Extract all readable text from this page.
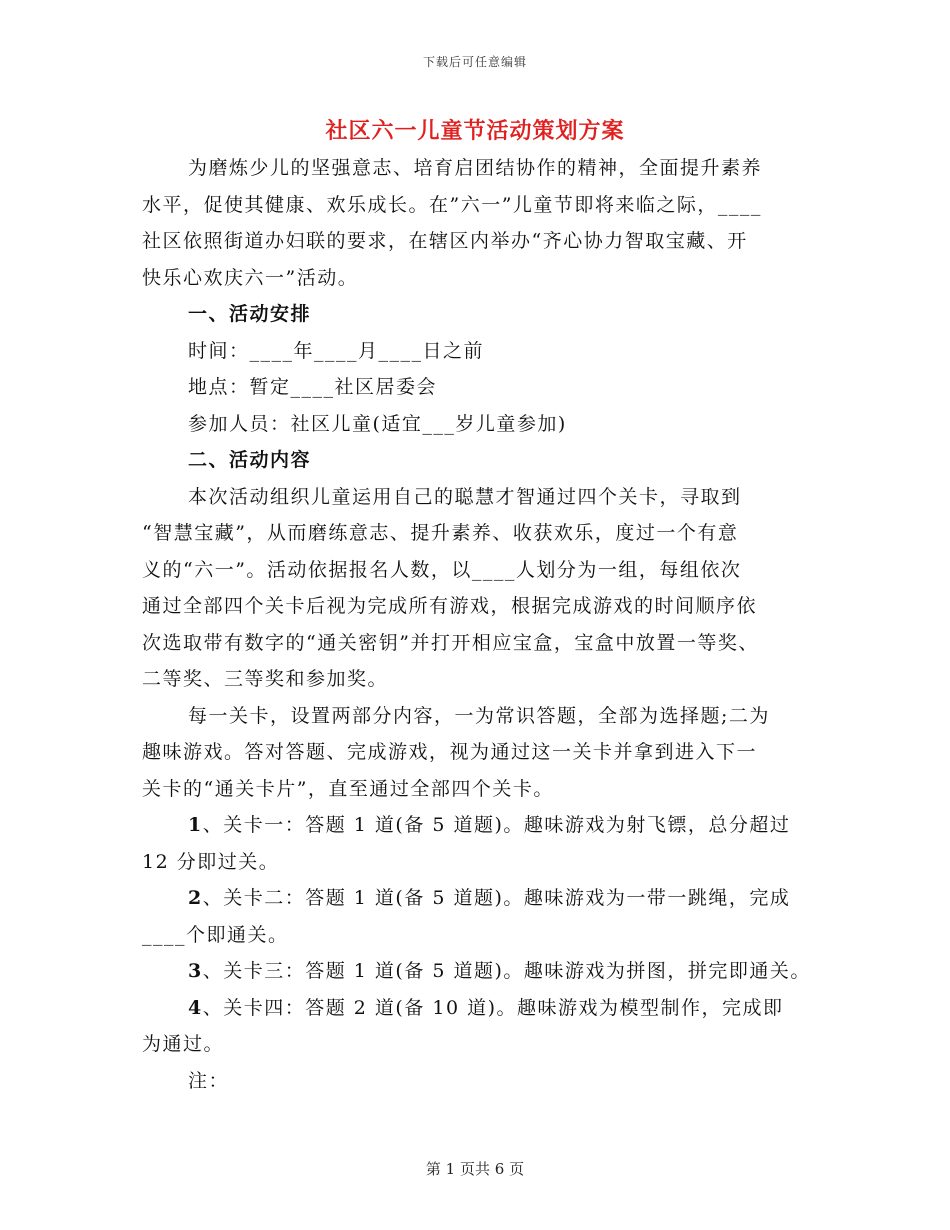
下载后可任意编辑
社区六一儿童节活动策划方案

为磨炼少儿的坚强意志、培育启团结协作的精神，全面提升素养
水平，促使其健康、欢乐成长。在”六一”儿童节即将来临之际，____
社区依照街道办妇联的要求，在辖区内举办“齐心协力智取宝藏、开
快乐心欢庆六一”活动。

一、活动安排

时间：____年____月____日之前

地点：暂定____社区居委会

参加人员：社区儿童(适宜___岁儿童参加)

二、活动内容

本次活动组织儿童运用自己的聪慧才智通过四个关卡，寻取到
“智慧宝藏”，从而磨练意志、提升素养、收获欢乐，度过一个有意
义的“六一”。活动依据报名人数，以____人划分为一组，每组依次
通过全部四个关卡后视为完成所有游戏，根据完成游戏的时间顺序依
次选取带有数字的“通关密钥”并打开相应宝盒，宝盒中放置一等奖、
二等奖、三等奖和参加奖。

每一关卡，设置两部分内容，一为常识答题，全部为选择题;二为
趣味游戏。答对答题、完成游戏，视为通过这一关卡并拿到进入下一
关卡的“通关卡片”，直至通过全部四个关卡。

1、关卡一：答题 1 道(备 5 道题)。趣味游戏为射飞镖，总分超过
12 分即过关。

2、关卡二：答题 1 道(备 5 道题)。趣味游戏为一带一跳绳，完成
____个即通关。

3、关卡三：答题 1 道(备 5 道题)。趣味游戏为拼图，拼完即通关。

4、关卡四：答题 2 道(备 10 道)。趣味游戏为模型制作，完成即
为通过。

注：

第 1 页共 6 页
